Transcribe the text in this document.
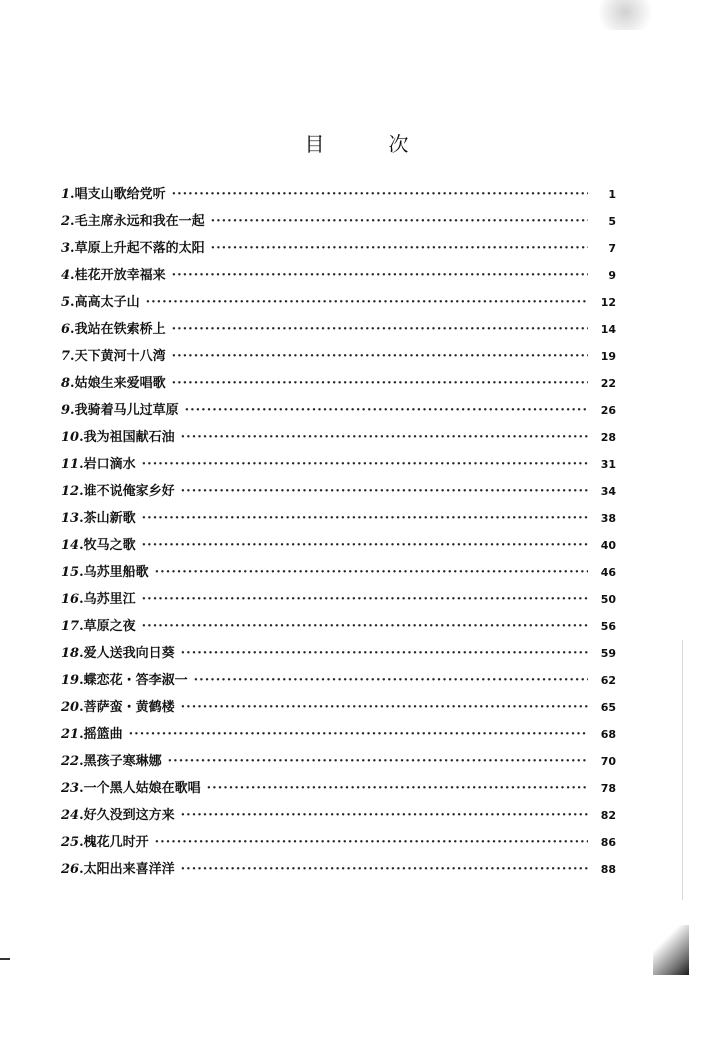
目	次
1.唱支山歌给党听 ·····	1
2.毛主席永远和我在一起 ·····	5
3.草原上升起不落的太阳 ·····	7
4.桂花开放幸福来 ·····	9
5.高高太子山 ·····	12
6.我站在铁索桥上 ·····	14
7.天下黄河十八湾 ·····	19
8.姑娘生来爱唱歌 ·····	22
9.我骑着马儿过草原 ·····	26
10.我为祖国献石油 ·····	28
11.岩口滴水 ·····	31
12.谁不说俺家乡好 ·····	34
13.茶山新歌 ·····	38
14.牧马之歌 ·····	40
15.乌苏里船歌 ·····	46
16.乌苏里江 ·····	50
17.草原之夜 ·····	56
18.爱人送我向日葵 ·····	59
19.蝶恋花・答李淑一 ·····	62
20.菩萨蛮・黄鹤楼 ·····	65
21.摇篮曲 ·····	68
22.黑孩子寒琳娜 ·····	70
23.一个黑人姑娘在歌唱 ·····	78
24.好久没到这方来 ·····	82
25.槐花几时开 ·····	86
26.太阳出来喜洋洋 ·····	88
